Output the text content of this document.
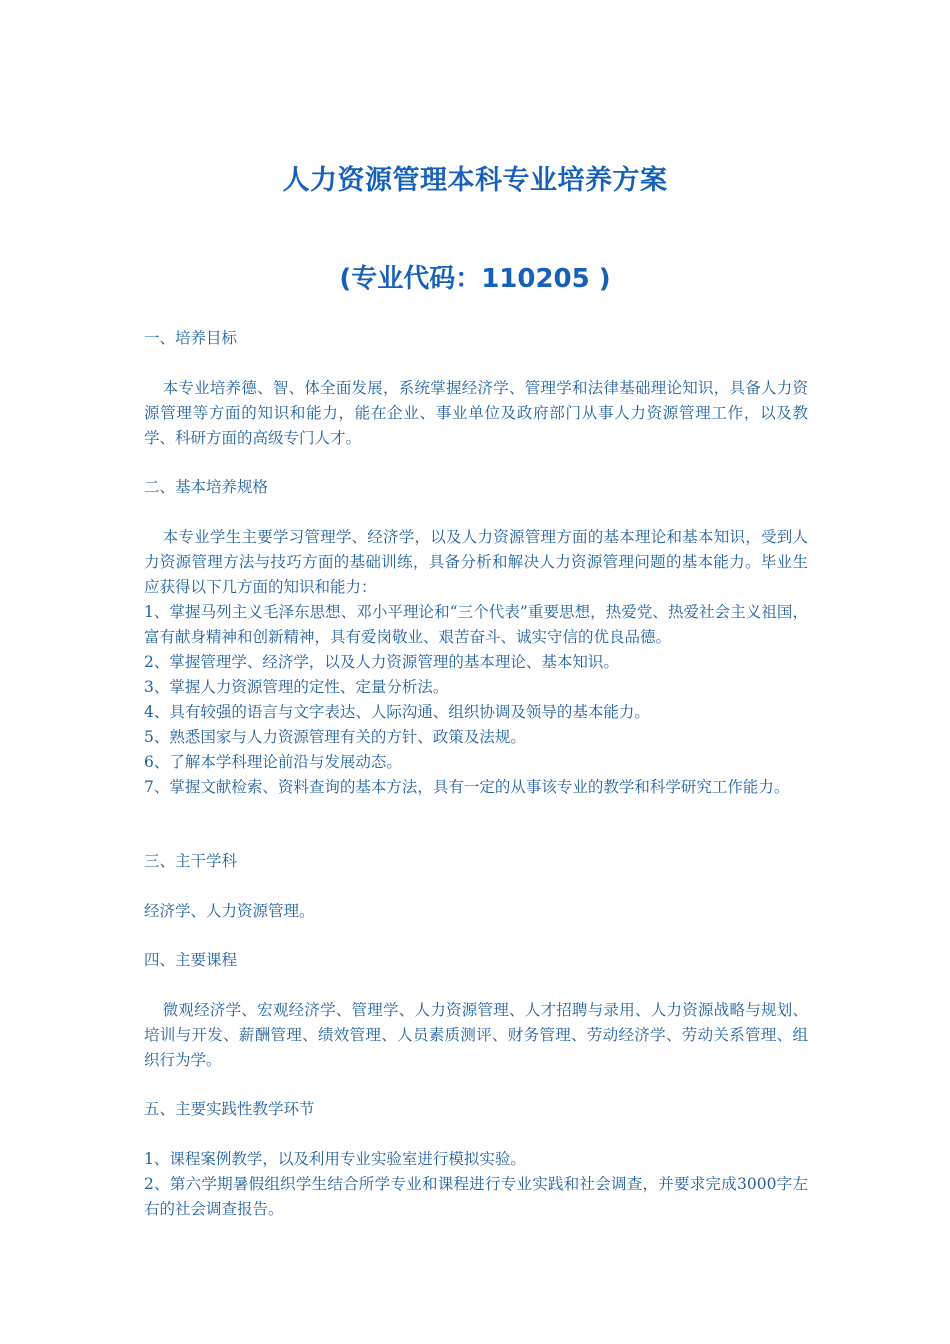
人力资源管理本科专业培养方案
(专业代码：110205 )
一、培养目标
本专业培养德、智、体全面发展，系统掌握经济学、管理学和法律基础理论知识，具备人力资源管理等方面的知识和能力，能在企业、事业单位及政府部门从事人力资源管理工作，以及教学、科研方面的高级专门人才。
二、基本培养规格
本专业学生主要学习管理学、经济学，以及人力资源管理方面的基本理论和基本知识，受到人力资源管理方法与技巧方面的基础训练，具备分析和解决人力资源管理问题的基本能力。毕业生应获得以下几方面的知识和能力：
1、掌握马列主义毛泽东思想、邓小平理论和“三个代表”重要思想，热爱党、热爱社会主义祖国，富有献身精神和创新精神，具有爱岗敬业、艰苦奋斗、诚实守信的优良品德。
2、掌握管理学、经济学，以及人力资源管理的基本理论、基本知识。
3、掌握人力资源管理的定性、定量分析法。
4、具有较强的语言与文字表达、人际沟通、组织协调及领导的基本能力。
5、熟悉国家与人力资源管理有关的方针、政策及法规。
6、了解本学科理论前沿与发展动态。
7、掌握文献检索、资料查询的基本方法，具有一定的从事该专业的教学和科学研究工作能力。
三、主干学科
经济学、人力资源管理。
四、主要课程
微观经济学、宏观经济学、管理学、人力资源管理、人才招聘与录用、人力资源战略与规划、培训与开发、薪酬管理、绩效管理、人员素质测评、财务管理、劳动经济学、劳动关系管理、组织行为学。
五、主要实践性教学环节
1、课程案例教学，以及利用专业实验室进行模拟实验。
2、第六学期暑假组织学生结合所学专业和课程进行专业实践和社会调查，并要求完成3000字左右的社会调查报告。
